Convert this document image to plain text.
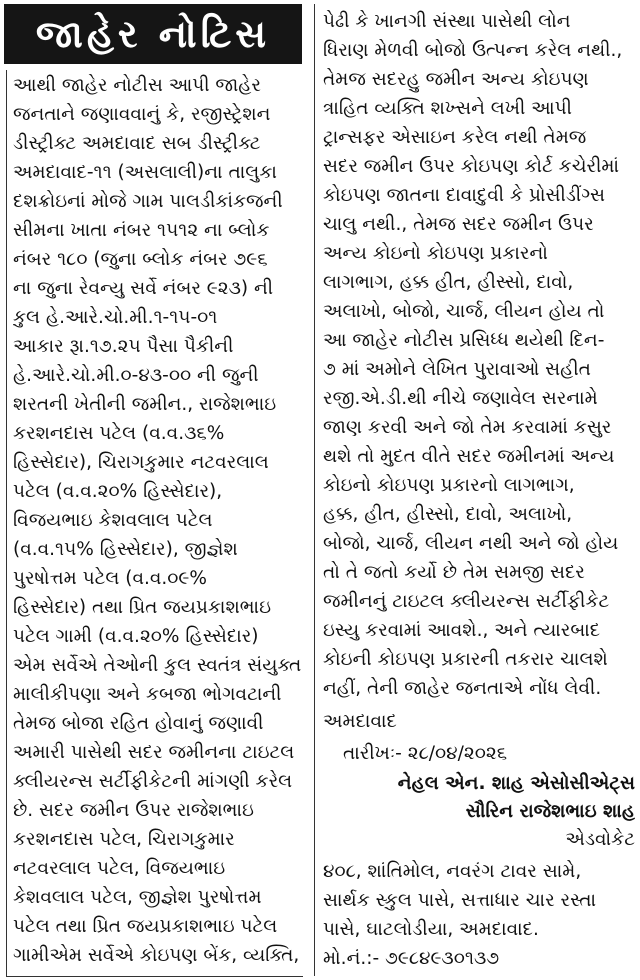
જાહેર નોટિસ
આથી જાહેર નોટીસ આપી જાહેર
જનતાને જણાવવાનું કે, રજીસ્ટ્રેશન
ડીસ્ટ્રીક્ટ અમદાવાદ સબ ડીસ્ટ્રીક્ટ
અમદાવાદ-૧૧ (અસલાલી)ના તાલુકા
દશક્રોઇનાં મોજે ગામ પાલડીકાંકજની
સીમના ખાતા નંબર ૧૫૧૨ ના બ્લોક
નંબર ૧૮૦ (જુના બ્લોક નંબર ૭૯૬
ના જુના રેવન્યુ સર્વે નંબર ૯૨૩) ની
કુલ હે.આરે.ચો.મી.૧-૧૫-૦૧
આકાર રૂા.૧૭.૨૫ પૈસા પૈકીની
હે.આરે.ચો.મી.૦-૪૩-૦૦ ની જુની
શરતની ખેતીની જમીન., રાજેશભાઇ
કરશનદાસ પટેલ (વ.વ.૩૬%
હિસ્સેદાર), ચિરાગકુમાર નટવરલાલ
પટેલ (વ.વ.૨૦% હિસ્સેદાર),
વિજયભાઇ કેશવલાલ પટેલ
(વ.વ.૧૫% હિસ્સેદાર), જીજ્ઞેશ
પુરષોત્તમ પટેલ (વ.વ.૦૯%
હિસ્સેદાર) તથા પ્રિત જયપ્રકાશભાઇ
પટેલ ગામી (વ.વ.૨૦% હિસ્સેદાર)
એમ સર્વેએ તેઓની કુલ સ્વતંત્ર સંયુક્ત
માલીકીપણા અને કબજા ભોગવટાની
તેમજ બોજા રહિત હોવાનું જણાવી
અમારી પાસેથી સદર જમીનના ટાઇટલ
ક્લીયરન્સ સર્ટીફીકેટની માંગણી કરેલ
છે. સદર જમીન ઉપર રાજેશભાઇ
કરશનદાસ પટેલ, ચિરાગકુમાર
નટવરલાલ પટેલ, વિજયભાઇ
કેશવલાલ પટેલ, જીજ્ઞેશ પુરષોત્તમ
પટેલ તથા પ્રિત જયપ્રકાશભાઇ પટેલ
ગામીએમ સર્વેએ કોઇપણ બેંક, વ્યક્તિ,
પેઢી કે ખાનગી સંસ્થા પાસેથી લોન
ધિરાણ મેળવી બોજો ઉત્પન્ન કરેલ નથી.,
તેમજ સદરહુ જમીન અન્ય કોઇપણ
ત્રાહિત વ્યક્તિ શખ્સને લખી આપી
ટ્રાન્સફર એસાઇન કરેલ નથી તેમજ
સદર જમીન ઉપર કોઇપણ કોર્ટ કચેરીમાં
કોઇપણ જાતના દાવાદુવી કે પ્રોસીડીંગ્સ
ચાલુ નથી., તેમજ સદર જમીન ઉપર
અન્ય કોઇનો કોઇપણ પ્રકારનો
લાગભાગ, હક્ક હીત, હીસ્સો, દાવો,
અલાખો, બોજો, ચાર્જ, લીયન હોય તો
આ જાહેર નોટીસ પ્રસિધ્ધ થયેથી દિન-
૭ માં અમોને લેખિત પુરાવાઓ સહીત
રજી.એ.ડી.થી નીચે જણાવેલ સરનામે
જાણ કરવી અને જો તેમ કરવામાં કસુર
થશે તો મુદત વીતે સદર જમીનમાં અન્ય
કોઇનો કોઇપણ પ્રકારનો લાગભાગ,
હક્ક, હીત, હીસ્સો, દાવો, અલાખો,
બોજો, ચાર્જ, લીયન નથી અને જો હોય
તો તે જતો કર્યો છે તેમ સમજી સદર
જમીનનું ટાઇટલ ક્લીયરન્સ સર્ટીફીકેટ
ઇસ્યુ કરવામાં આવશે., અને ત્યારબાદ
કોઇની કોઇપણ પ્રકારની તકરાર ચાલશે
નહીં, તેની જાહેર જનતાએ નોંધ લેવી.
અમદાવાદ
તારીખઃ- ૨૮/૦૪/૨૦૨૬
નેહલ એન. શાહ એસોસીએટ્સ
સૌરિન રાજેશભાઇ શાહ
એડવોકેટ
૪૦૮, શાંતિમોલ, નવરંગ ટાવર સામે,
સાર્થક સ્કુલ પાસે, સત્તાધાર ચાર રસ્તા
પાસે, ઘાટલોડીયા, અમદાવાદ.
મો.નં.:- ૭૯૮૪૯૩૦૧૩૭
